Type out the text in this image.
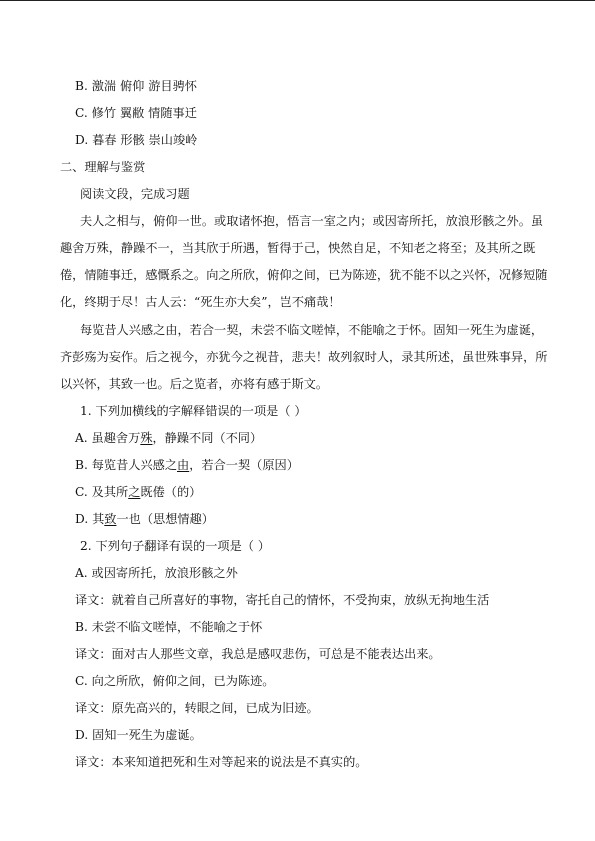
B. 激湍 俯仰 游目骋怀
C. 修竹 翼敝 情随事迁
D. 暮春 形骸 崇山竣岭
二、理解与鉴赏
阅读文段，完成习题
夫人之相与，俯仰一世。或取诸怀抱，悟言一室之内；或因寄所托，放浪形骸之外。虽
趣舍万殊，静躁不一，当其欣于所遇，暂得于己，怏然自足，不知老之将至；及其所之既
倦，情随事迁，感慨系之。向之所欣，俯仰之间，已为陈迹，犹不能不以之兴怀，况修短随
化，终期于尽！古人云：“死生亦大矣”，岂不痛哉！
每览昔人兴感之由，若合一契，未尝不临文嗟悼，不能喻之于怀。固知一死生为虚诞，
齐彭殇为妄作。后之视今，亦犹今之视昔，悲夫！故列叙时人，录其所述，虽世殊事异，所
以兴怀，其致一也。后之览者，亦将有感于斯文。
1. 下列加横线的字解释错误的一项是（ ）
A. 虽趣舍万殊，静躁不同（不同）
B. 每览昔人兴感之由，若合一契（原因）
C. 及其所之既倦（的）
D. 其致一也（思想情趣）
2. 下列句子翻译有误的一项是（ ）
A. 或因寄所托，放浪形骸之外
译文：就着自己所喜好的事物，寄托自己的情怀，不受拘束，放纵无拘地生活
B. 未尝不临文嗟悼，不能喻之于怀
译文：面对古人那些文章，我总是感叹悲伤，可总是不能表达出来。
C. 向之所欣，俯仰之间，已为陈迹。
译文：原先高兴的，转眼之间，已成为旧迹。
D. 固知一死生为虚诞。
译文：本来知道把死和生对等起来的说法是不真实的。
